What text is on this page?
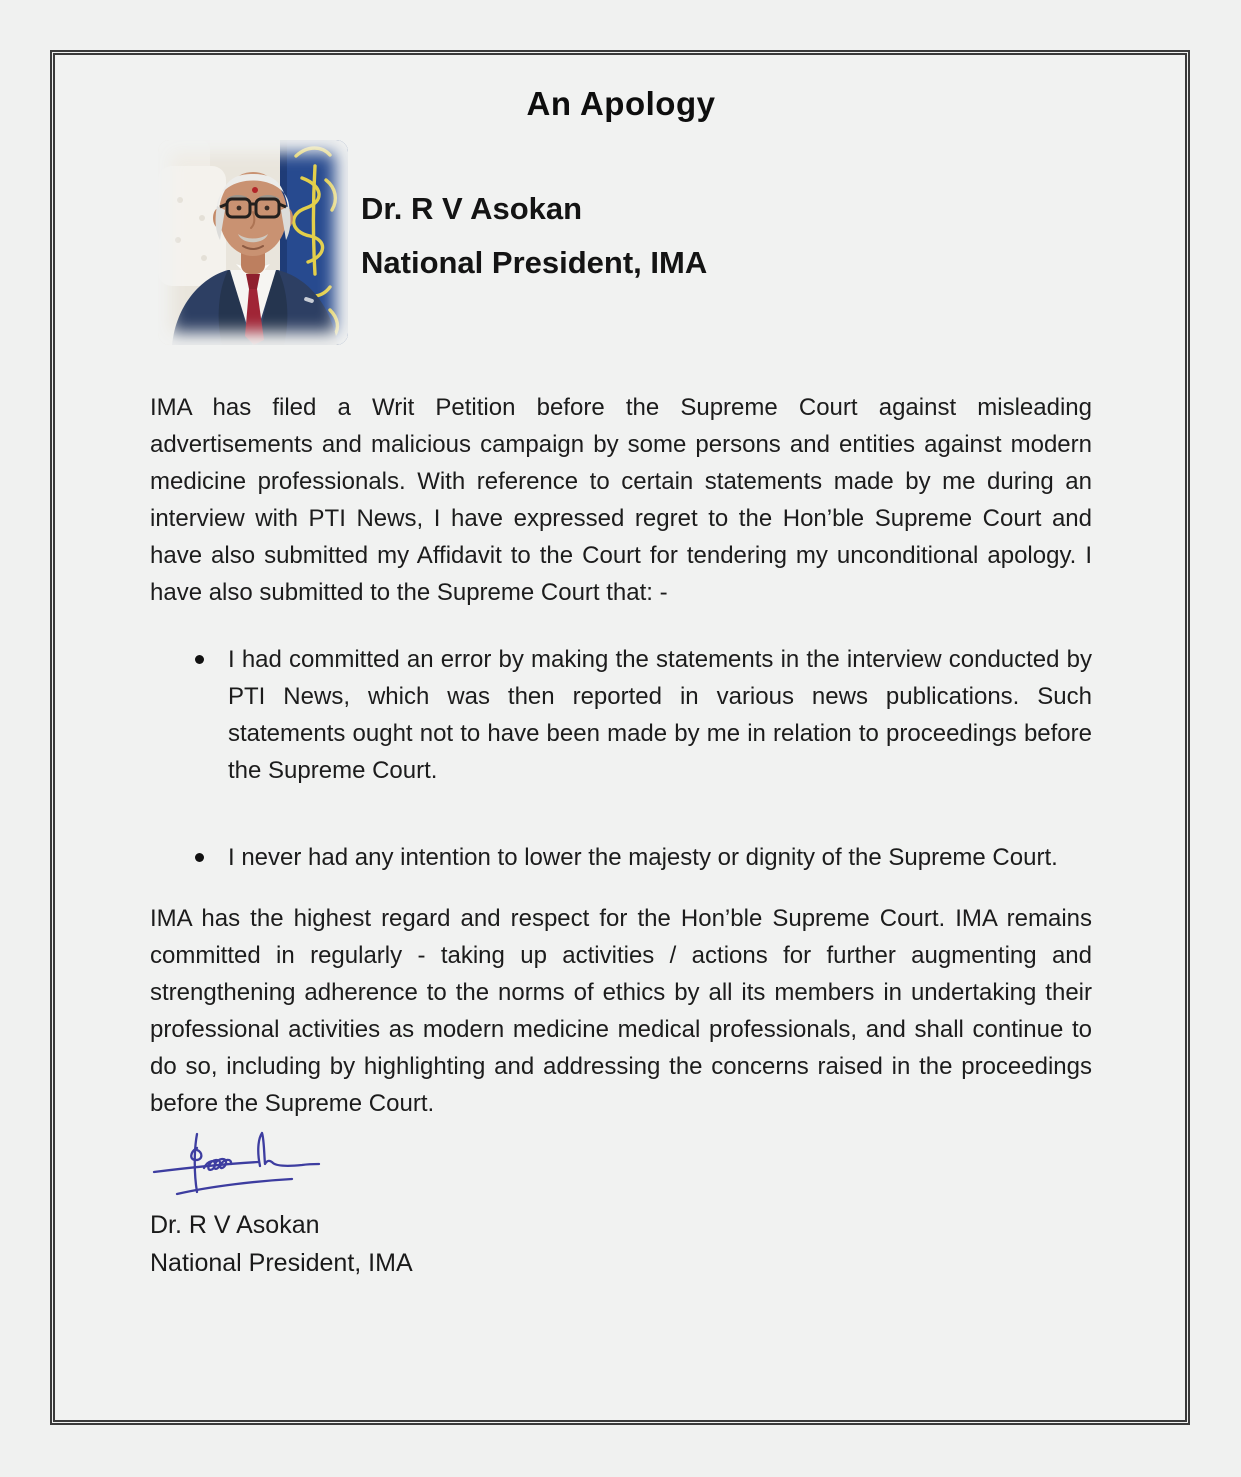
An Apology
Dr. R V Asokan
National President, IMA

IMA has filed a Writ Petition before the Supreme Court against misleading advertisements and malicious campaign by some persons and entities against modern medicine professionals. With reference to certain statements made by me during an interview with PTI News, I have expressed regret to the Hon’ble Supreme Court and have also submitted my Affidavit to the Court for tendering my unconditional apology. I have also submitted to the Supreme Court that: -

I had committed an error by making the statements in the interview conducted by PTI News, which was then reported in various news publications. Such statements ought not to have been made by me in relation to proceedings before the Supreme Court.
I never had any intention to lower the majesty or dignity of the Supreme Court.

IMA has the highest regard and respect for the Hon’ble Supreme Court. IMA remains committed in regularly - taking up activities / actions for further augmenting and strengthening adherence to the norms of ethics by all its members in undertaking their professional activities as modern medicine medical professionals, and shall continue to do so, including by highlighting and addressing the concerns raised in the proceedings before the Supreme Court.

Dr. R V Asokan
National President, IMA
